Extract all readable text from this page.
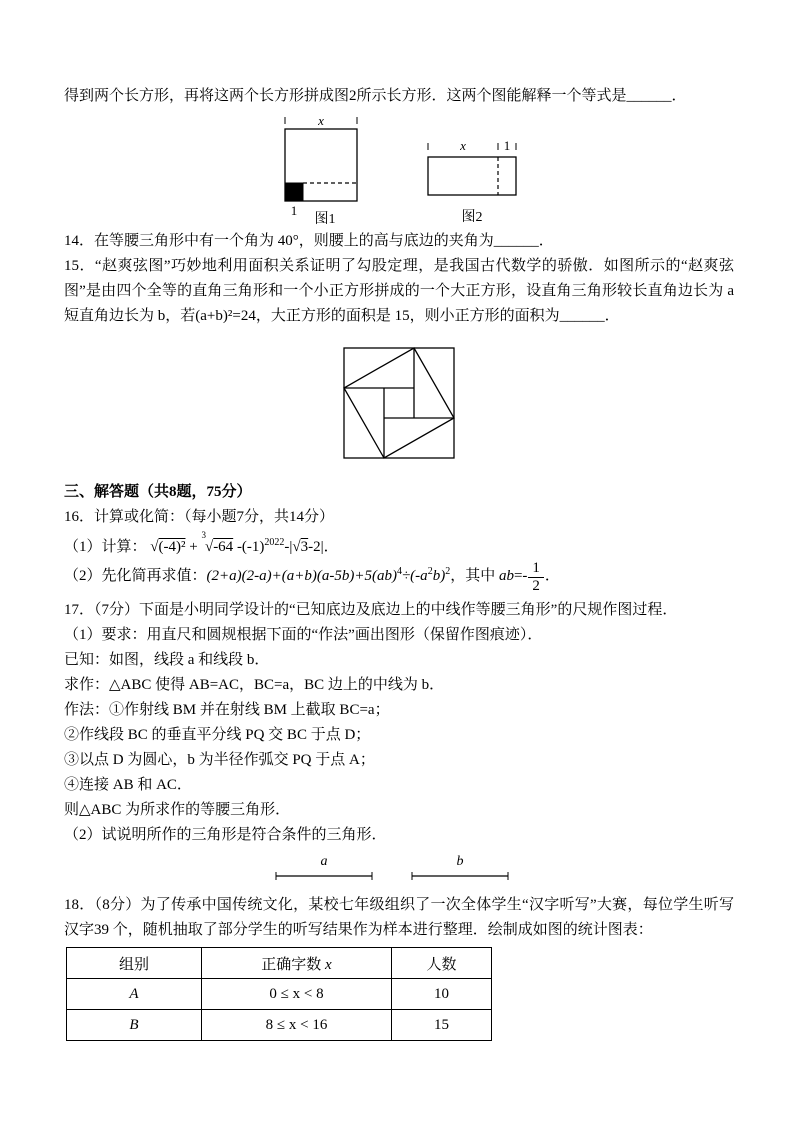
得到两个长方形，再将这两个长方形拼成图2所示长方形．这两个图能解释一个等式是______．

x
1
图1
x	1
图2

14．在等腰三角形中有一个角为 40°，则腰上的高与底边的夹角为______．

15．“赵爽弦图”巧妙地利用面积关系证明了勾股定理，是我国古代数学的骄傲．如图所示的“赵爽弦图”是由四个全等的直角三角形和一个小正方形拼成的一个大正方形，设直角三角形较长直角边长为 a 短直角边长为 b，若(a+b)²=24，大正方形的面积是 15，则小正方形的面积为______．

三、解答题（共8题，75分）

16．计算或化简：（每小题7分，共14分）

（1）计算： √(-4)² + $^3$√-64 $-(-1)^{2022}-|√3-2|$．

（2）先化简再求值：$(2+a)(2-a)+(a+b)(a-5b)+5(ab)^4\div(-a^2b)^2$，其中 $ab=- \frac{1}{2}$ ．

17．（7分）下面是小明同学设计的“已知底边及底边上的中线作等腰三角形”的尺规作图过程．

（1）要求：用直尺和圆规根据下面的“作法”画出图形（保留作图痕迹）．

已知：如图，线段 a 和线段 b．

求作：△ABC 使得 AB=AC，BC=a，BC 边上的中线为 b．

作法：①作射线 BM 并在射线 BM 上截取 BC=a；

②作线段 BC 的垂直平分线 PQ 交 BC 于点 D；

③以点 D 为圆心，b 为半径作弧交 PQ 于点 A；

④连接 AB 和 AC．

则△ABC 为所求作的等腰三角形．

（2）试说明所作的三角形是符合条件的三角形．

a	b

18．（8分）为了传承中国传统文化，某校七年级组织了一次全体学生“汉字听写”大赛，每位学生听写汉字39 个，随机抽取了部分学生的听写结果作为样本进行整理．绘制成如图的统计图表：

组别	正确字数 x	人数
A	0 ≤ x < 8	10
B	8 ≤ x < 16	15
